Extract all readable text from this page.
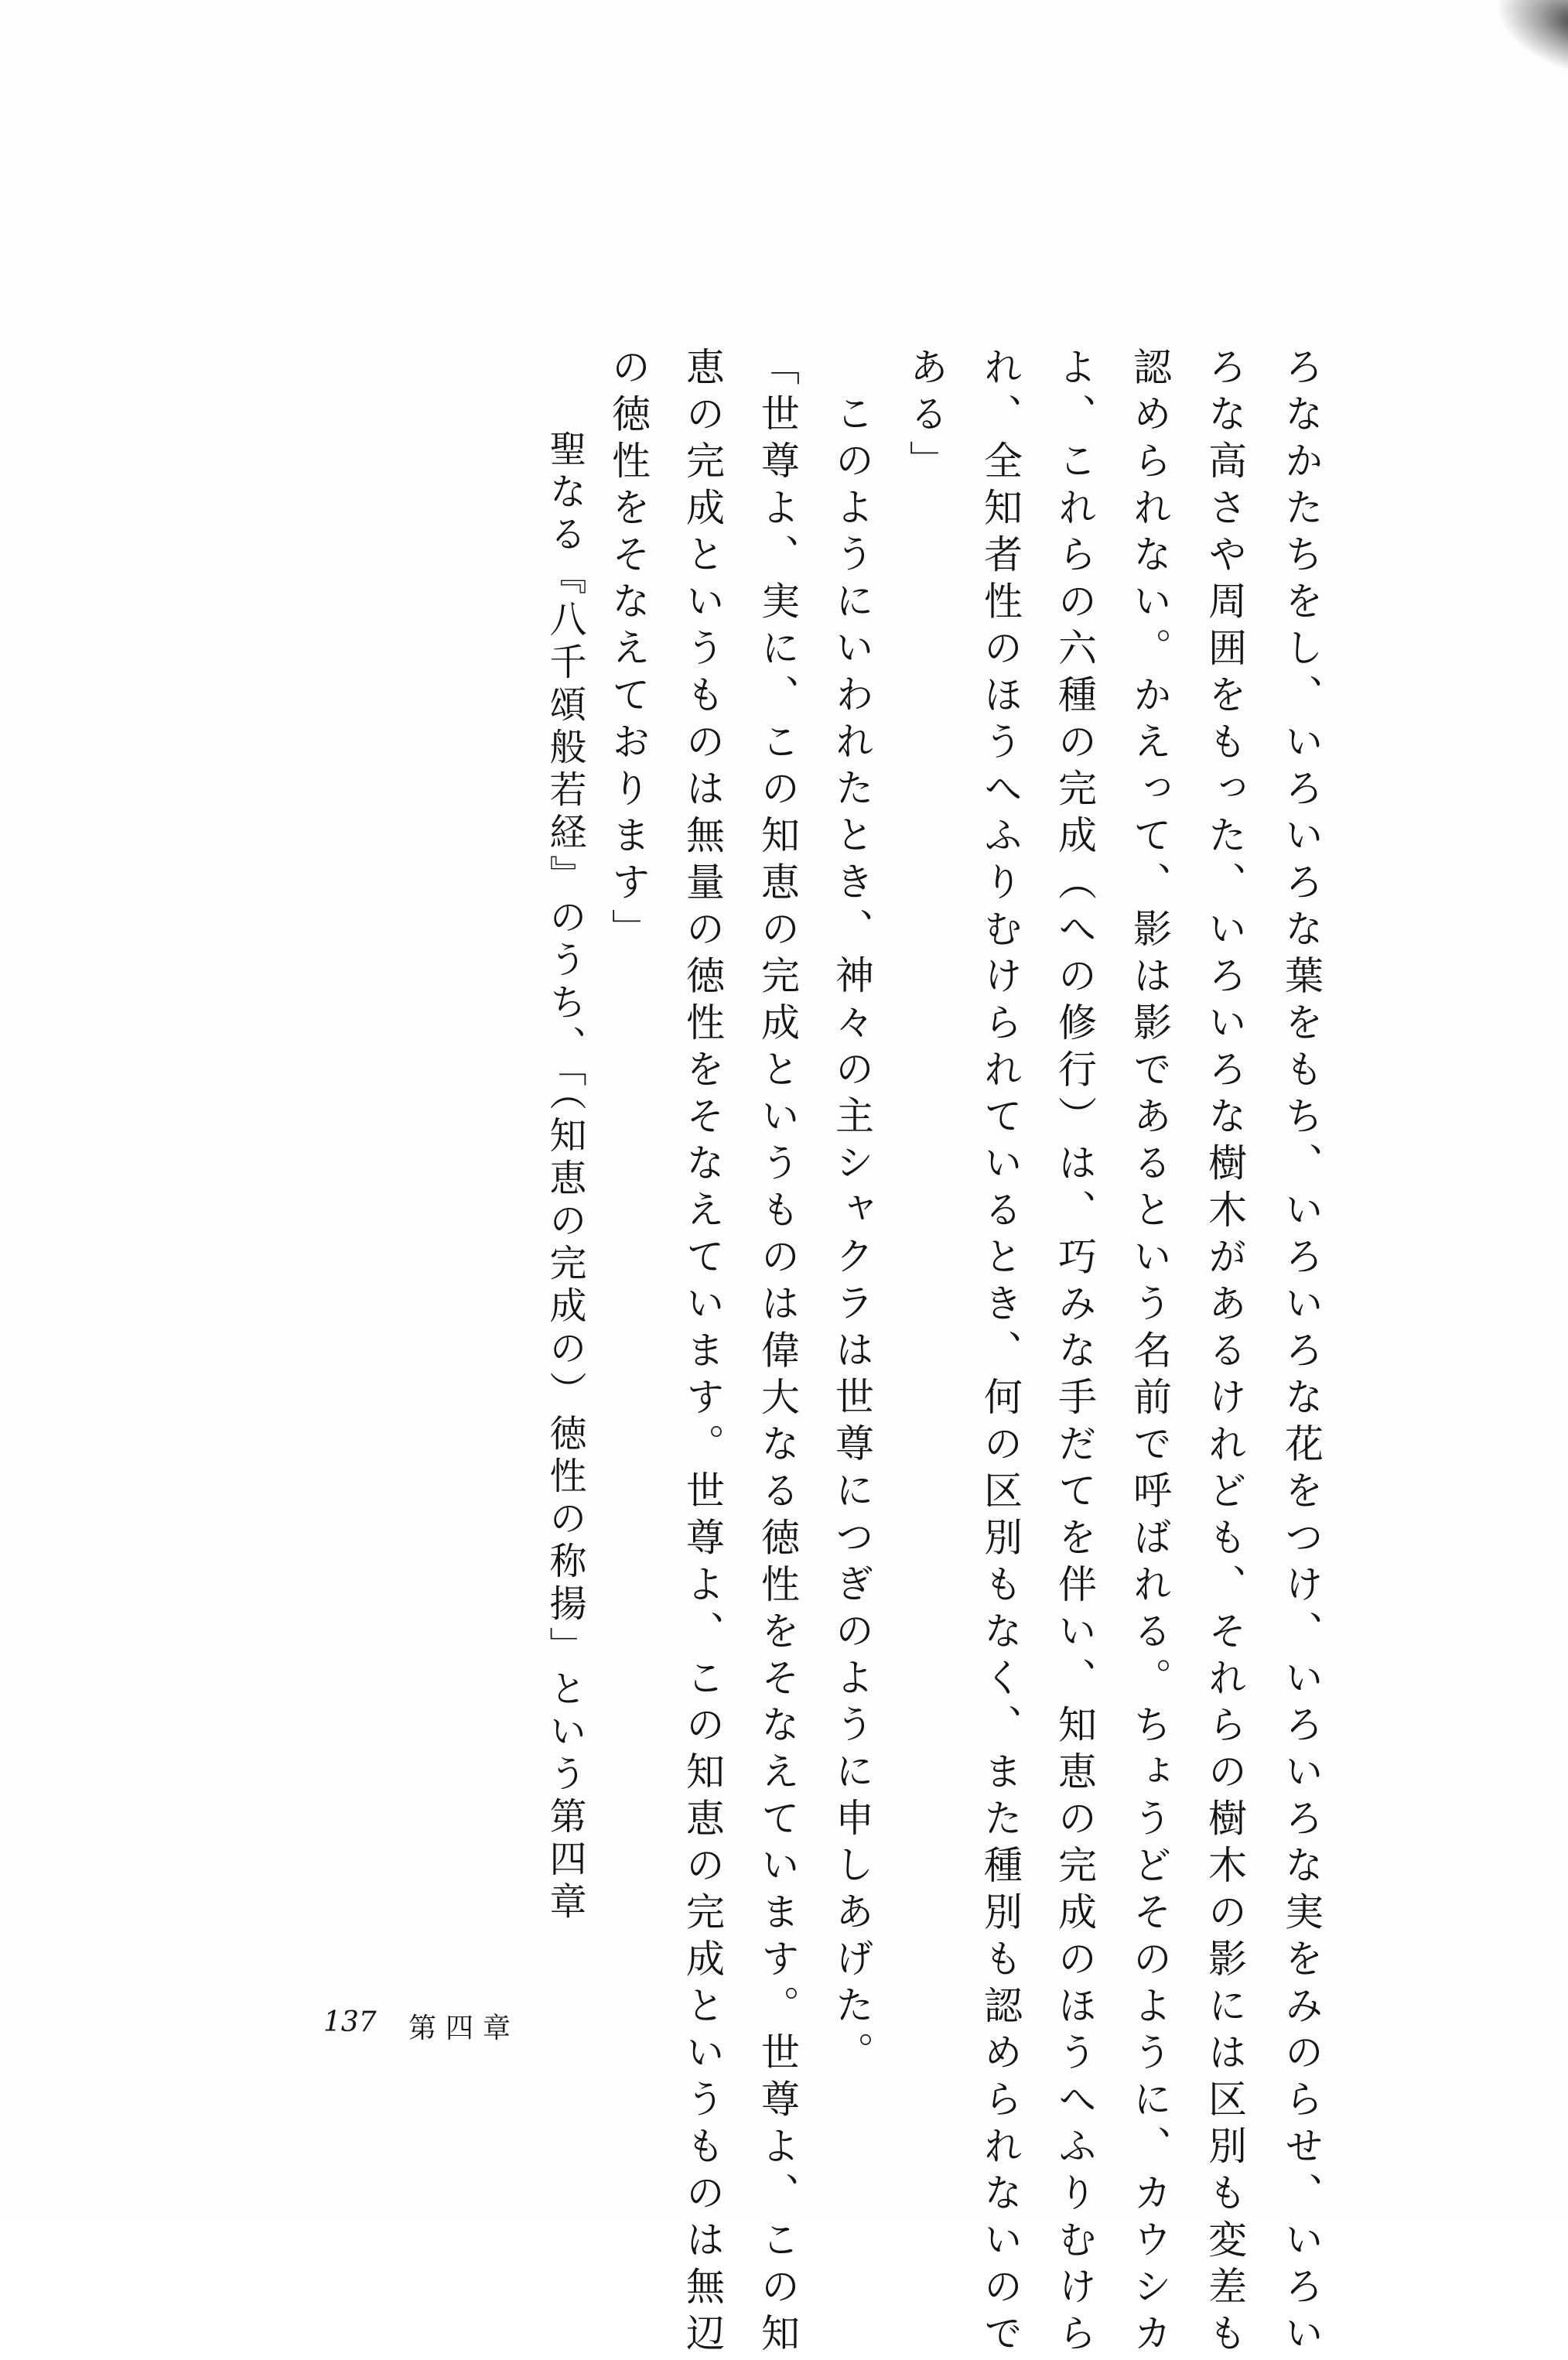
ろなかたちをし、いろいろな葉をもち、いろいろな花をつけ、いろいろな実をみのらせ、いろい
ろな高さや周囲をもった、いろいろな樹木があるけれども、それらの樹木の影には区別も変差も
認められない。かえって、影は影であるという名前で呼ばれる。ちょうどそのように、カウシカ
よ、これらの六種の完成（への修行）は、巧みな手だてを伴い、知恵の完成のほうへふりむけら
れ、全知者性のほうへふりむけられているとき、何の区別もなく、また種別も認められないので
ある」
このようにいわれたとき、神々の主シャクラは世尊につぎのように申しあげた。
「世尊よ、実に、この知恵の完成というものは偉大なる徳性をそなえています。世尊よ、この知
恵の完成というものは無量の徳性をそなえています。世尊よ、この知恵の完成というものは無辺
の徳性をそなえております」
聖なる『八千頌般若経』のうち、「（知恵の完成の）徳性の称揚」という第四章
137 第四章
